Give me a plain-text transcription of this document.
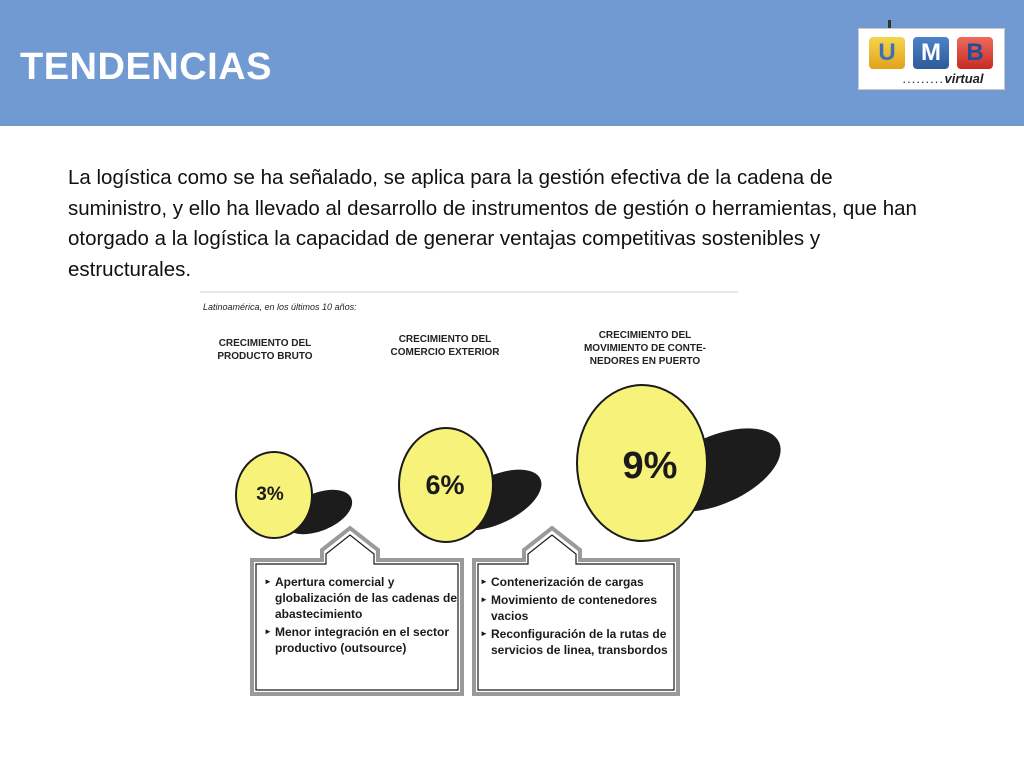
TENDENCIAS	U	M	B
.........virtual

La logística como se ha señalado, se aplica para la gestión efectiva de la cadena de suministro, y ello ha llevado al desarrollo de instrumentos de gestión o herramientas, que han otorgado a la logística la capacidad de generar ventajas competitivas sostenibles y estructurales.

Latinoamérica, en los últimos 10 años:
CRECIMIENTO DEL PRODUCTO BRUTO
CRECIMIENTO DEL COMERCIO EXTERIOR
CRECIMIENTO DEL MOVIMIENTO DE CONTE- NEDORES EN PUERTO
3%	6%	9%
► Apertura comercial y globalización de las cadenas de abastecimiento
► Menor integración en el sector productivo (outsource)
► Contenerización de cargas
► Movimiento de contenedores vacios
► Reconfiguración de la rutas de servicios de linea, transbordos
